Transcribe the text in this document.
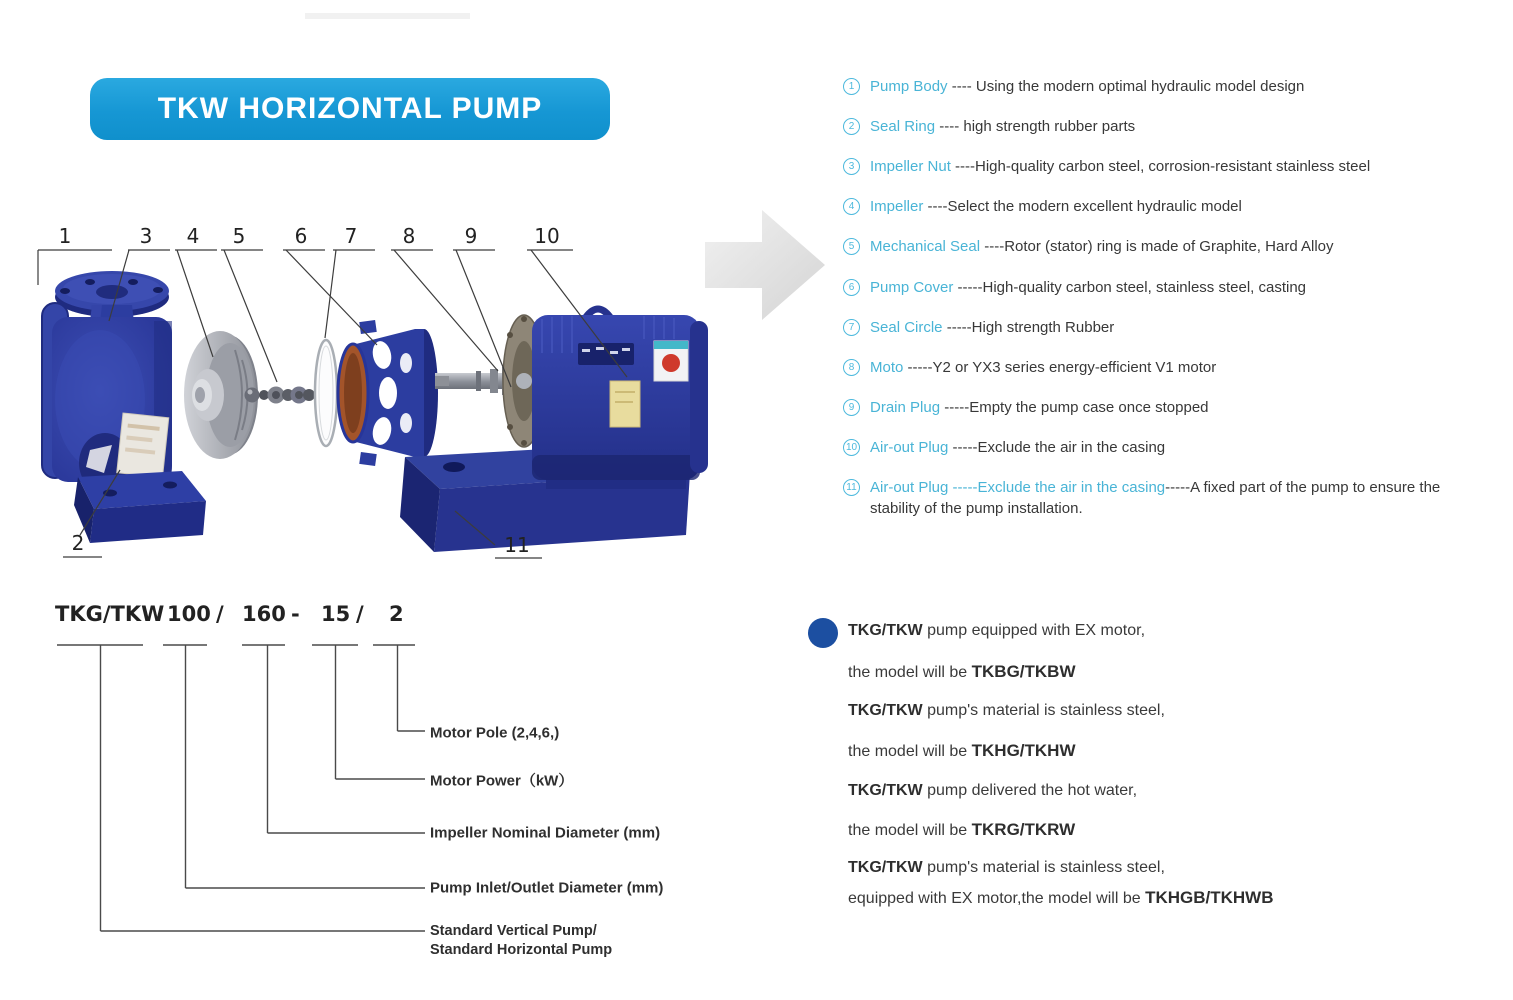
TKW HORIZONTAL PUMP
1	3 4 5 6 7 8 9	10
2	11
1	Pump Body ---- Using the modern optimal hydraulic model design
2	Seal Ring ---- high strength rubber parts
3	Impeller Nut ----High-quality carbon steel, corrosion-resistant stainless steel
4	Impeller ----Select the modern excellent hydraulic model
5	Mechanical Seal ----Rotor (stator) ring is made of Graphite, Hard Alloy
6	Pump Cover -----High-quality carbon steel, stainless steel, casting
7	Seal Circle -----High strength Rubber
8	Moto -----Y2 or YX3 series energy-efficient V1 motor
9	Drain Plug -----Empty the pump case once stopped
10 Air-out Plug -----Exclude the air in the casing
11 Air-out Plug -----Exclude the air in the casing-----A fixed part of the pump to ensure the stability of the pump installation.
TKG/TKW 100 / 160 - 15 / 2
Motor Pole (2,4,6,)
Motor Power（kW）
Impeller Nominal Diameter (mm)
Pump Inlet/Outlet Diameter (mm)
Standard Vertical Pump/
Standard Horizontal Pump
TKG/TKW pump equipped with EX motor,
the model will be TKBG/TKBW
TKG/TKW pump's material is stainless steel,
the model will be TKHG/TKHW
TKG/TKW pump delivered the hot water,
the model will be TKRG/TKRW
TKG/TKW pump's material is stainless steel,
equipped with EX motor,the model will be TKHGB/TKHWB
